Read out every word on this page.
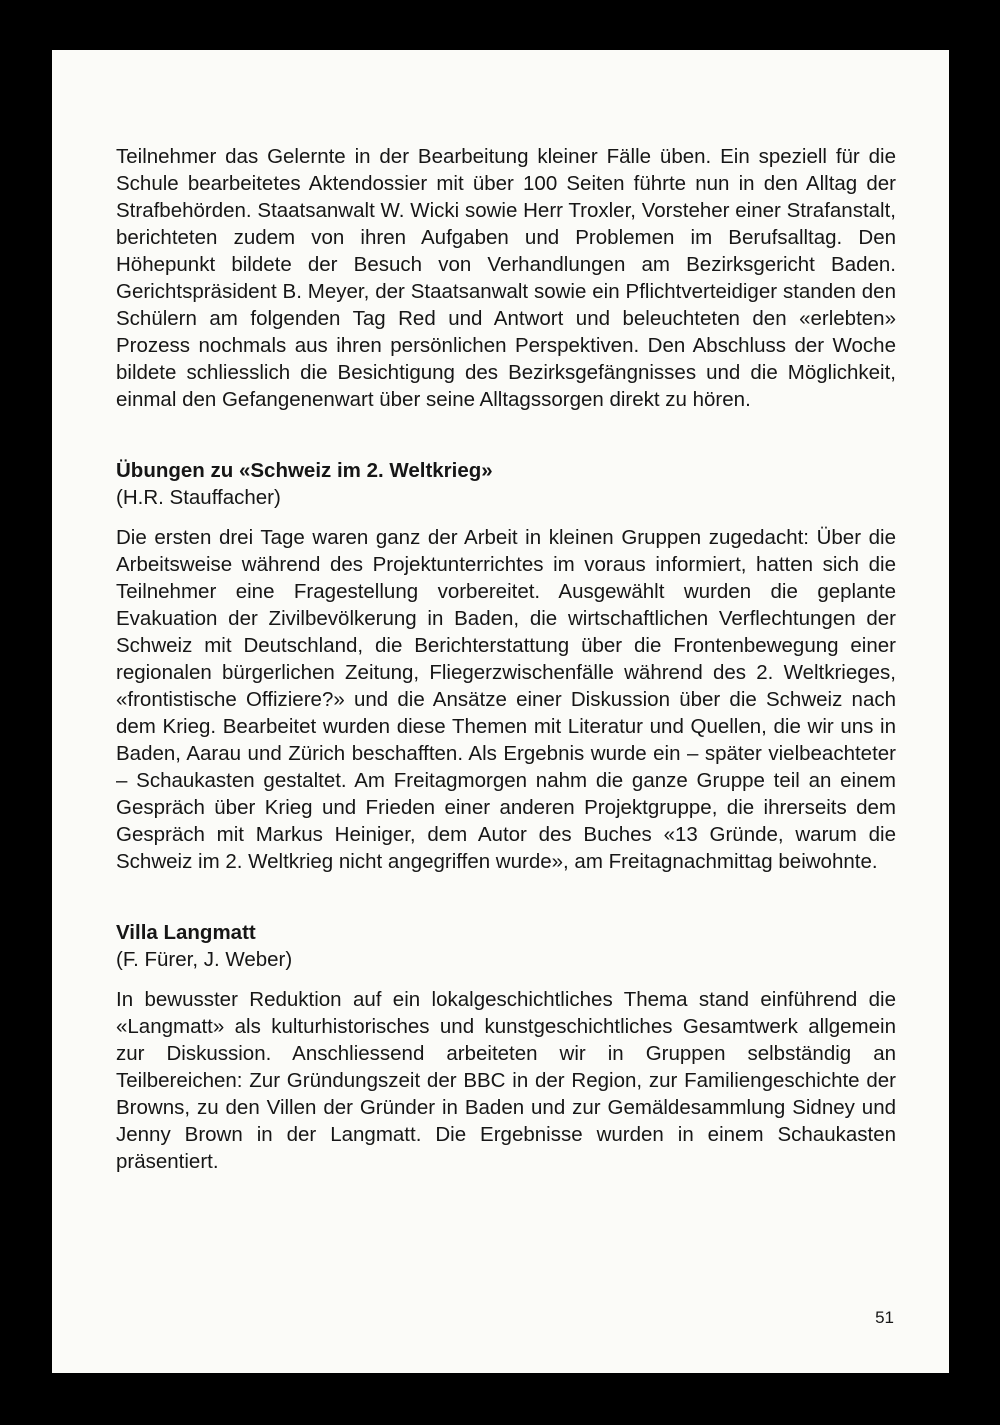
Teilnehmer das Gelernte in der Bearbeitung kleiner Fälle üben. Ein speziell für die Schule bearbeitetes Aktendossier mit über 100 Seiten führte nun in den Alltag der Strafbehörden. Staatsanwalt W. Wicki sowie Herr Troxler, Vorsteher einer Strafanstalt, berichteten zudem von ihren Aufgaben und Problemen im Berufsalltag. Den Höhepunkt bildete der Besuch von Verhandlungen am Bezirksgericht Baden. Gerichtspräsident B. Meyer, der Staatsanwalt sowie ein Pflichtverteidiger standen den Schülern am folgenden Tag Red und Antwort und beleuchteten den «erlebten» Prozess nochmals aus ihren persönlichen Perspektiven. Den Abschluss der Woche bildete schliesslich die Besichtigung des Bezirksgefängnisses und die Möglichkeit, einmal den Gefangenenwart über seine Alltagssorgen direkt zu hören.

Übungen zu «Schweiz im 2. Weltkrieg»
(H.R. Stauffacher)

Die ersten drei Tage waren ganz der Arbeit in kleinen Gruppen zugedacht: Über die Arbeitsweise während des Projektunterrichtes im voraus informiert, hatten sich die Teilnehmer eine Fragestellung vorbereitet. Ausgewählt wurden die geplante Evakuation der Zivilbevölkerung in Baden, die wirtschaftlichen Verflechtungen der Schweiz mit Deutschland, die Berichterstattung über die Frontenbewegung einer regionalen bürgerlichen Zeitung, Fliegerzwischenfälle während des 2. Weltkrieges, «frontistische Offiziere?» und die Ansätze einer Diskussion über die Schweiz nach dem Krieg. Bearbeitet wurden diese Themen mit Literatur und Quellen, die wir uns in Baden, Aarau und Zürich beschafften. Als Ergebnis wurde ein – später vielbeachteter – Schaukasten gestaltet. Am Freitagmorgen nahm die ganze Gruppe teil an einem Gespräch über Krieg und Frieden einer anderen Projektgruppe, die ihrerseits dem Gespräch mit Markus Heiniger, dem Autor des Buches «13 Gründe, warum die Schweiz im 2. Weltkrieg nicht angegriffen wurde», am Freitagnachmittag beiwohnte.

Villa Langmatt
(F. Fürer, J. Weber)

In bewusster Reduktion auf ein lokalgeschichtliches Thema stand einführend die «Langmatt» als kulturhistorisches und kunstgeschichtliches Gesamtwerk allgemein zur Diskussion. Anschliessend arbeiteten wir in Gruppen selbständig an Teilbereichen: Zur Gründungszeit der BBC in der Region, zur Familiengeschichte der Browns, zu den Villen der Gründer in Baden und zur Gemäldesammlung Sidney und Jenny Brown in der Langmatt. Die Ergebnisse wurden in einem Schaukasten präsentiert.

51
